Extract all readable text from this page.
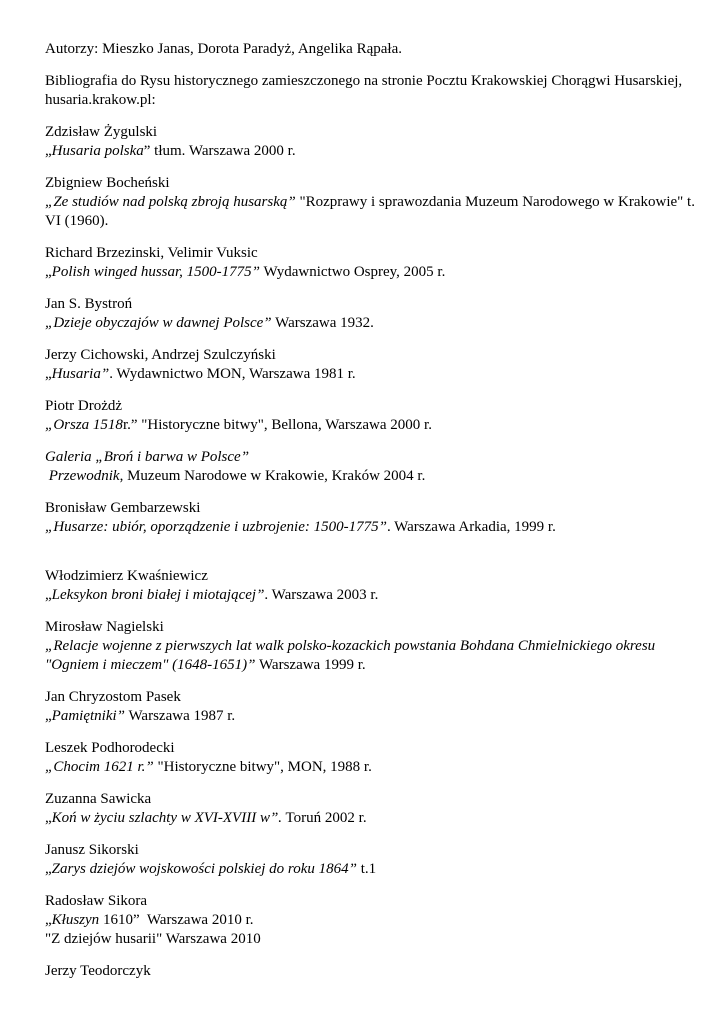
Autorzy: Mieszko Janas, Dorota Paradyż, Angelika Rąpała.

Bibliografia do Rysu historycznego zamieszczonego na stronie Pocztu Krakowskiej Chorągwi Husarskiej, husaria.krakow.pl:

Zdzisław Żygulski
„Husaria polska” tłum. Warszawa 2000 r.

Zbigniew Bocheński
„Ze studiów nad polską zbroją husarską” "Rozprawy i sprawozdania Muzeum Narodowego w Krakowie" t. VI (1960).

Richard Brzezinski, Velimir Vuksic
„Polish winged hussar, 1500-1775” Wydawnictwo Osprey, 2005 r.

Jan S. Bystroń
„Dzieje obyczajów w dawnej Polsce” Warszawa 1932.

Jerzy Cichowski, Andrzej Szulczyński
„Husaria”. Wydawnictwo MON, Warszawa 1981 r.

Piotr Drożdż
„Orsza 1518r.” "Historyczne bitwy", Bellona, Warszawa 2000 r.

Galeria „Broń i barwa w Polsce”
Przewodnik, Muzeum Narodowe w Krakowie, Kraków 2004 r.

Bronisław Gembarzewski
„Husarze: ubiór, oporządzenie i uzbrojenie: 1500-1775”. Warszawa Arkadia, 1999 r.

Włodzimierz Kwaśniewicz
„Leksykon broni białej i miotającej”. Warszawa 2003 r.

Mirosław Nagielski
„Relacje wojenne z pierwszych lat walk polsko-kozackich powstania Bohdana Chmielnickiego okresu
"Ogniem i mieczem" (1648-1651)” Warszawa 1999 r.

Jan Chryzostom Pasek
„Pamiętniki” Warszawa 1987 r.

Leszek Podhorodecki
„Chocim 1621 r.” "Historyczne bitwy", MON, 1988 r.

Zuzanna Sawicka
„Koń w życiu szlachty w XVI-XVIII w”. Toruń 2002 r.

Janusz Sikorski
„Zarys dziejów wojskowości polskiej do roku 1864” t.1

Radosław Sikora
„Kłuszyn 1610”  Warszawa 2010 r.
"Z dziejów husarii" Warszawa 2010

Jerzy Teodorczyk
